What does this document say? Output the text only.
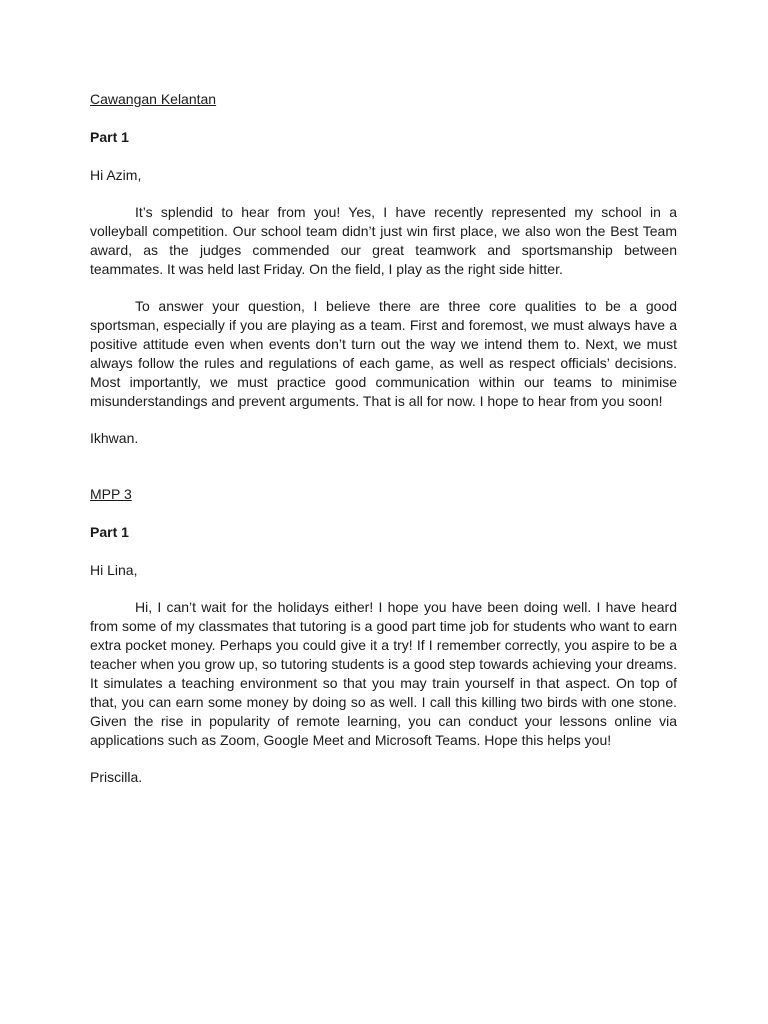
Cawangan Kelantan

Part 1

Hi Azim,

It’s splendid to hear from you! Yes, I have recently represented my school in a volleyball competition. Our school team didn’t just win first place, we also won the Best Team award, as the judges commended our great teamwork and sportsmanship between teammates. It was held last Friday. On the field, I play as the right side hitter.

To answer your question, I believe there are three core qualities to be a good sportsman, especially if you are playing as a team. First and foremost, we must always have a positive attitude even when events don’t turn out the way we intend them to. Next, we must always follow the rules and regulations of each game, as well as respect officials’ decisions. Most importantly, we must practice good communication within our teams to minimise misunderstandings and prevent arguments. That is all for now. I hope to hear from you soon!

Ikhwan.

MPP 3

Part 1

Hi Lina,

Hi, I can’t wait for the holidays either! I hope you have been doing well. I have heard from some of my classmates that tutoring is a good part time job for students who want to earn extra pocket money. Perhaps you could give it a try! If I remember correctly, you aspire to be a teacher when you grow up, so tutoring students is a good step towards achieving your dreams. It simulates a teaching environment so that you may train yourself in that aspect. On top of that, you can earn some money by doing so as well. I call this killing two birds with one stone. Given the rise in popularity of remote learning, you can conduct your lessons online via applications such as Zoom, Google Meet and Microsoft Teams. Hope this helps you!

Priscilla.
